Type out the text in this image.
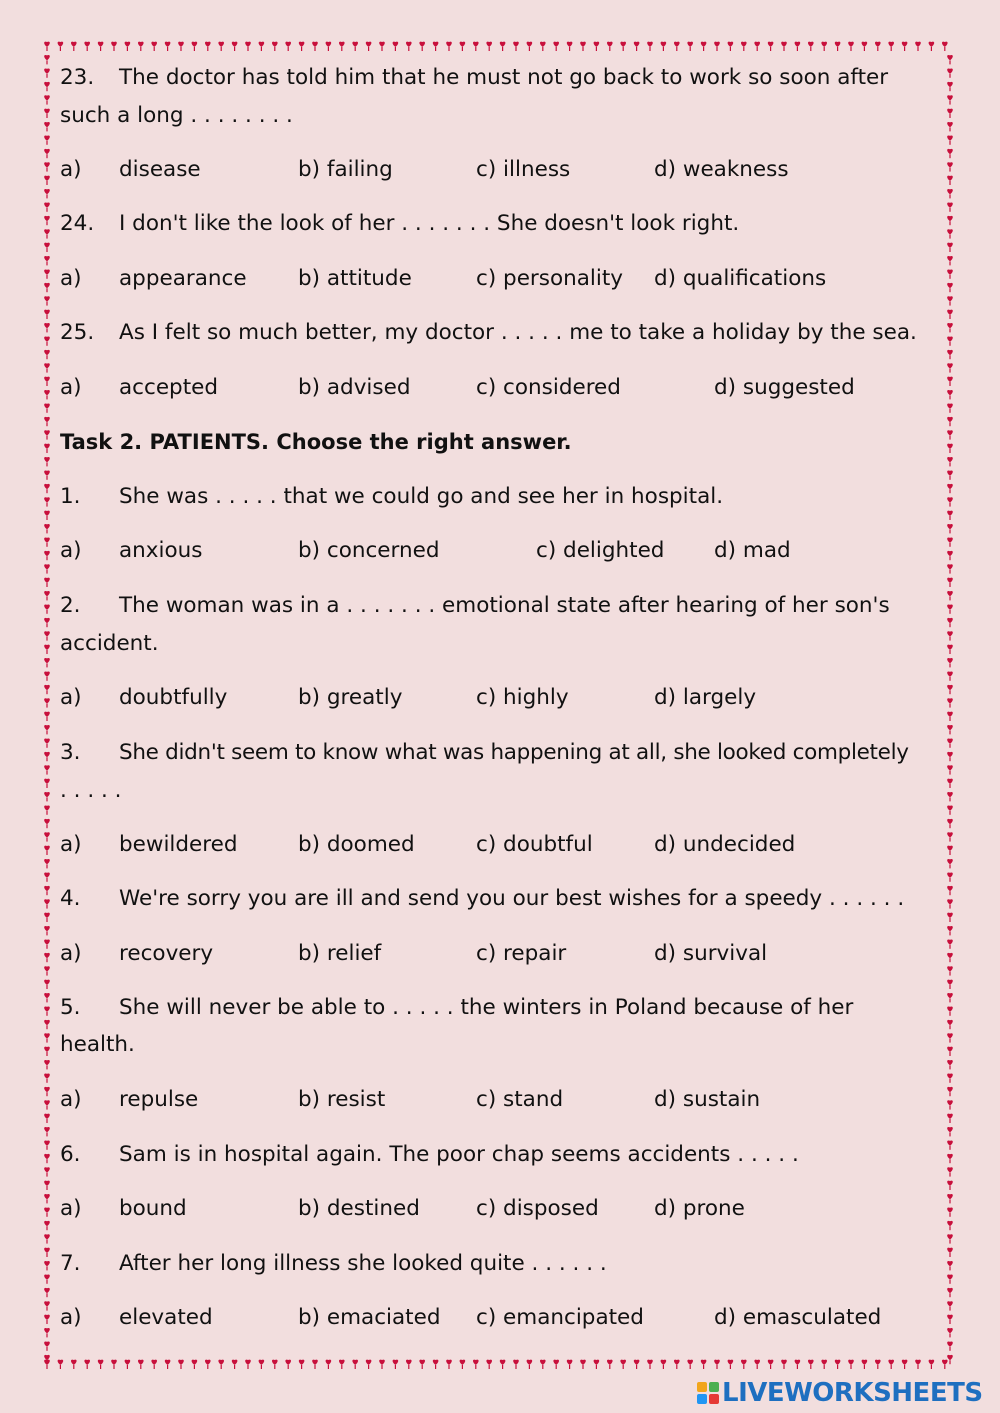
23. The doctor has told him that he must not go back to work so soon after
such a long . . . . . . . .
a) disease	b) failing	c) illness	d) weakness
24. I don't like the look of her . . . . . . . She doesn't look right.
a) appearance b) attitude	c) personality d) qualifications
25. As I felt so much better, my doctor . . . . . me to take a holiday by the sea.
a) accepted	b) advised	c) considered	d) suggested
Task 2. PATIENTS. Choose the right answer.
1. She was . . . . . that we could go and see her in hospital.
a) anxious	b) concerned	c) delighted d) mad
2. The woman was in a . . . . . . . emotional state after hearing of her son's
accident.
a) doubtfully	b) greatly	c) highly	d) largely
3. She didn't seem to know what was happening at all, she looked completely
. . . . .
a) bewildered	b) doomed	c) doubtful	d) undecided
4. We're sorry you are ill and send you our best wishes for a speedy . . . . . .
a) recovery	b) relief	c) repair	d) survival
5. She will never be able to . . . . . the winters in Poland because of her
health.
a) repulse	b) resist	c) stand	d) sustain
6. Sam is in hospital again. The poor chap seems accidents . . . . .
a) bound	b) destined	c) disposed	d) prone
7. After her long illness she looked quite . . . . . .
a) elevated	b) emaciated c) emancipated	d) emasculated
LIVEWORKSHEETS
